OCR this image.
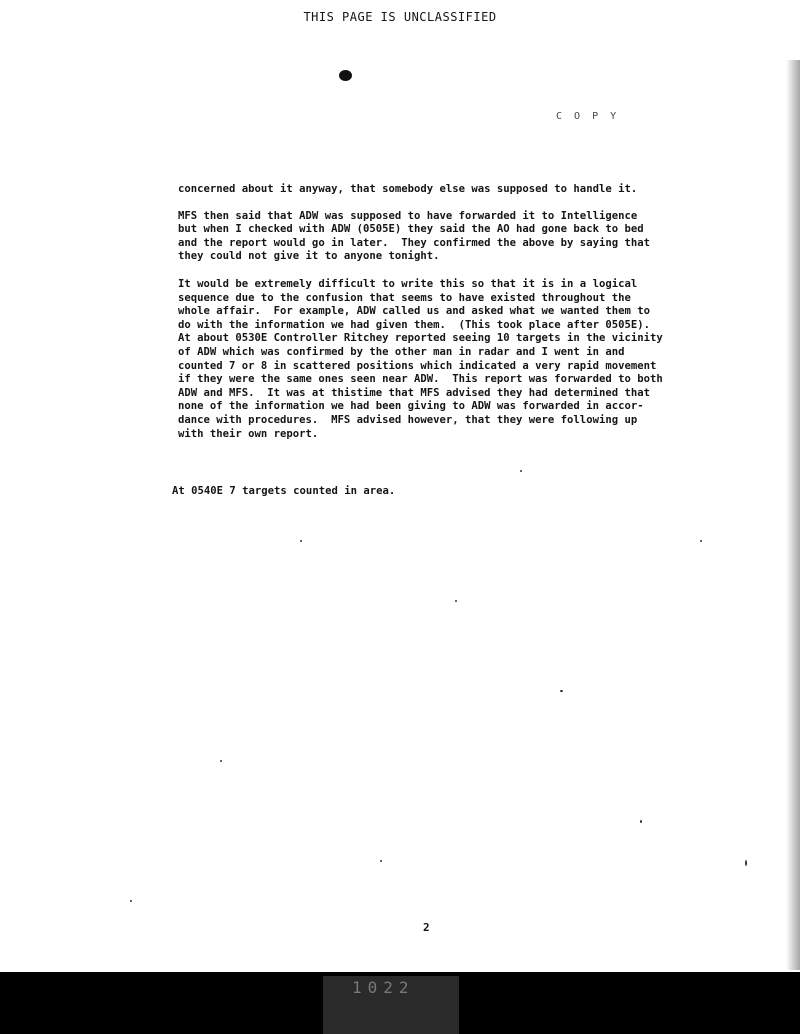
THIS PAGE IS UNCLASSIFIED
C O P Y

concerned about it anyway, that somebody else was supposed to handle it.

MFS then said that ADW was supposed to have forwarded it to Intelligence
but when I checked with ADW (0505E) they said the AO had gone back to bed
and the report would go in later.  They confirmed the above by saying that
they could not give it to anyone tonight.

It would be extremely difficult to write this so that it is in a logical
sequence due to the confusion that seems to have existed throughout the
whole affair.  For example, ADW called us and asked what we wanted them to
do with the information we had given them.  (This took place after 0505E).
At about 0530E Controller Ritchey reported seeing 10 targets in the vicinity
of ADW which was confirmed by the other man in radar and I went in and
counted 7 or 8 in scattered positions which indicated a very rapid movement
if they were the same ones seen near ADW.  This report was forwarded to both
ADW and MFS.  It was at thistime that MFS advised they had determined that
none of the information we had been giving to ADW was forwarded in accor-
dance with procedures.  MFS advised however, that they were following up
with their own report.

At 0540E 7 targets counted in area.
2
1022
